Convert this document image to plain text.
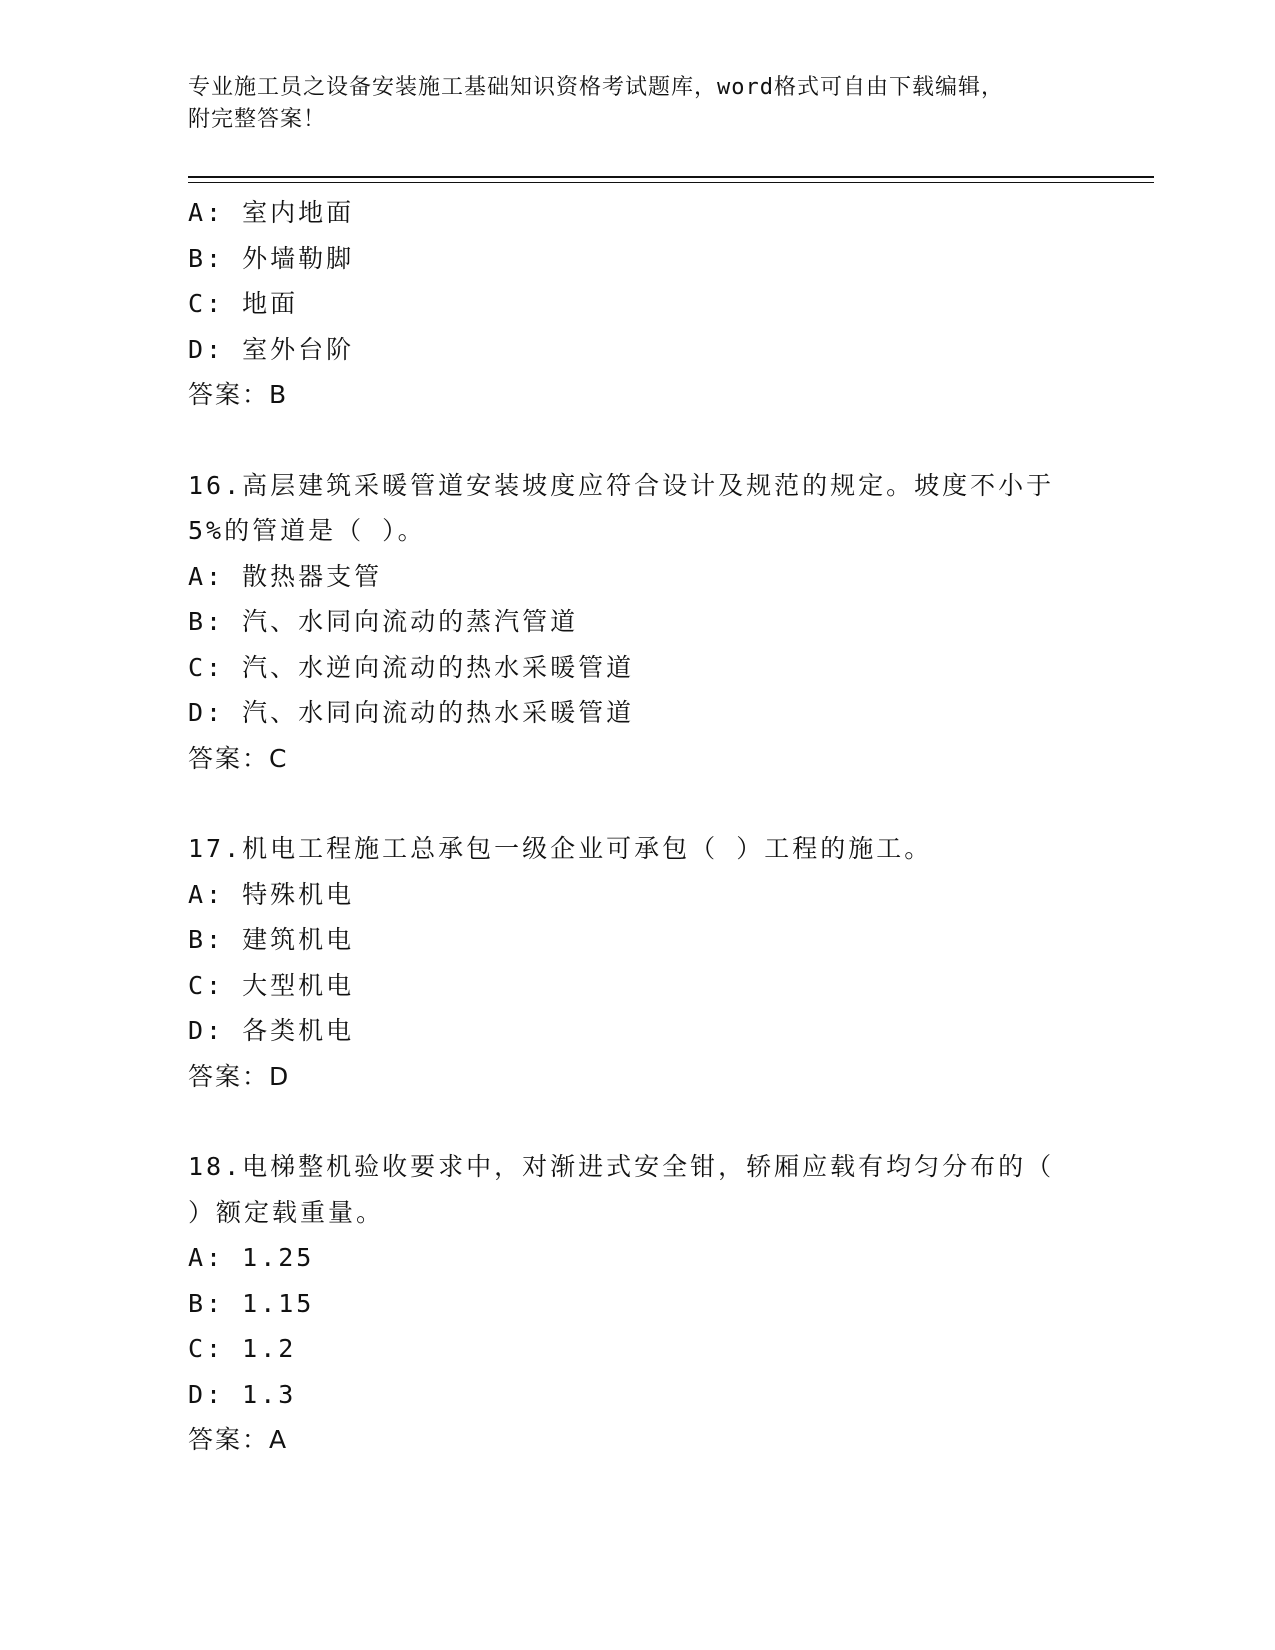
专业施工员之设备安装施工基础知识资格考试题库，word格式可自由下载编辑，
附完整答案！
A: 室内地面
B: 外墙勒脚
C: 地面
D: 室外台阶
答案：B
16.高层建筑采暖管道安装坡度应符合设计及规范的规定。坡度不小于
5%的管道是（ ）。
A: 散热器支管
B: 汽、水同向流动的蒸汽管道
C: 汽、水逆向流动的热水采暖管道
D: 汽、水同向流动的热水采暖管道
答案：C
17.机电工程施工总承包一级企业可承包（ ）工程的施工。
A: 特殊机电
B: 建筑机电
C: 大型机电
D: 各类机电
答案：D
18.电梯整机验收要求中，对渐进式安全钳，轿厢应载有均匀分布的（
）额定载重量。
A: 1.25
B: 1.15
C: 1.2
D: 1.3
答案：A
